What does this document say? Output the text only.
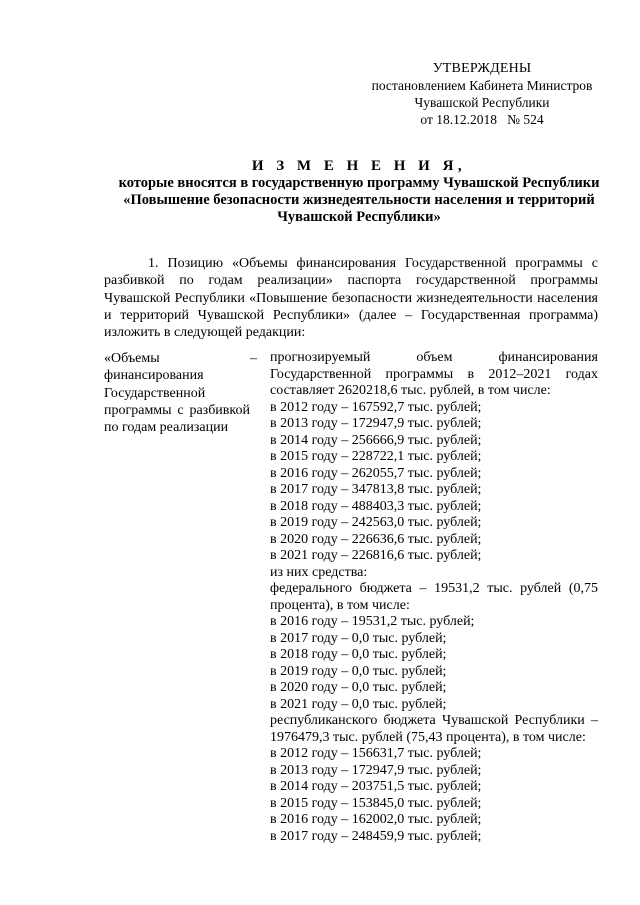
УТВЕРЖДЕНЫ
постановлением Кабинета Министров
Чувашской Республики
от 18.12.2018   № 524
И З М Е Н Е Н И Я,
которые вносятся в государственную программу Чувашской Республики
«Повышение безопасности жизнедеятельности населения и территорий
Чувашской Республики»

1. Позицию «Объемы финансирования Государственной программы с разбивкой по годам реализации» паспорта государственной программы Чувашской Республики «Повышение безопасности жизнедеятельности населения и территорий Чувашской Республики» (далее – Государственная программа) изложить в следующей редакции:

«Объемы финансирования Государственной программы с разбивкой по годам реализации

– прогнозируемый объем финансирования Государственной программы в 2012–2021 годах составляет 2620218,6 тыс. рублей, в том числе:
в 2012 году – 167592,7 тыс. рублей;
в 2013 году – 172947,9 тыс. рублей;
в 2014 году – 256666,9 тыс. рублей;
в 2015 году – 228722,1 тыс. рублей;
в 2016 году – 262055,7 тыс. рублей;
в 2017 году – 347813,8 тыс. рублей;
в 2018 году – 488403,3 тыс. рублей;
в 2019 году – 242563,0 тыс. рублей;
в 2020 году – 226636,6 тыс. рублей;
в 2021 году – 226816,6 тыс. рублей;
из них средства:
федерального бюджета – 19531,2 тыс. рублей (0,75 процента), в том числе:
в 2016 году – 19531,2 тыс. рублей;
в 2017 году – 0,0 тыс. рублей;
в 2018 году – 0,0 тыс. рублей;
в 2019 году – 0,0 тыс. рублей;
в 2020 году – 0,0 тыс. рублей;
в 2021 году – 0,0 тыс. рублей;
республиканского бюджета Чувашской Республики – 1976479,3 тыс. рублей (75,43 процента), в том числе:
в 2012 году – 156631,7 тыс. рублей;
в 2013 году – 172947,9 тыс. рублей;
в 2014 году – 203751,5 тыс. рублей;
в 2015 году – 153845,0 тыс. рублей;
в 2016 году – 162002,0 тыс. рублей;
в 2017 году – 248459,9 тыс. рублей;
